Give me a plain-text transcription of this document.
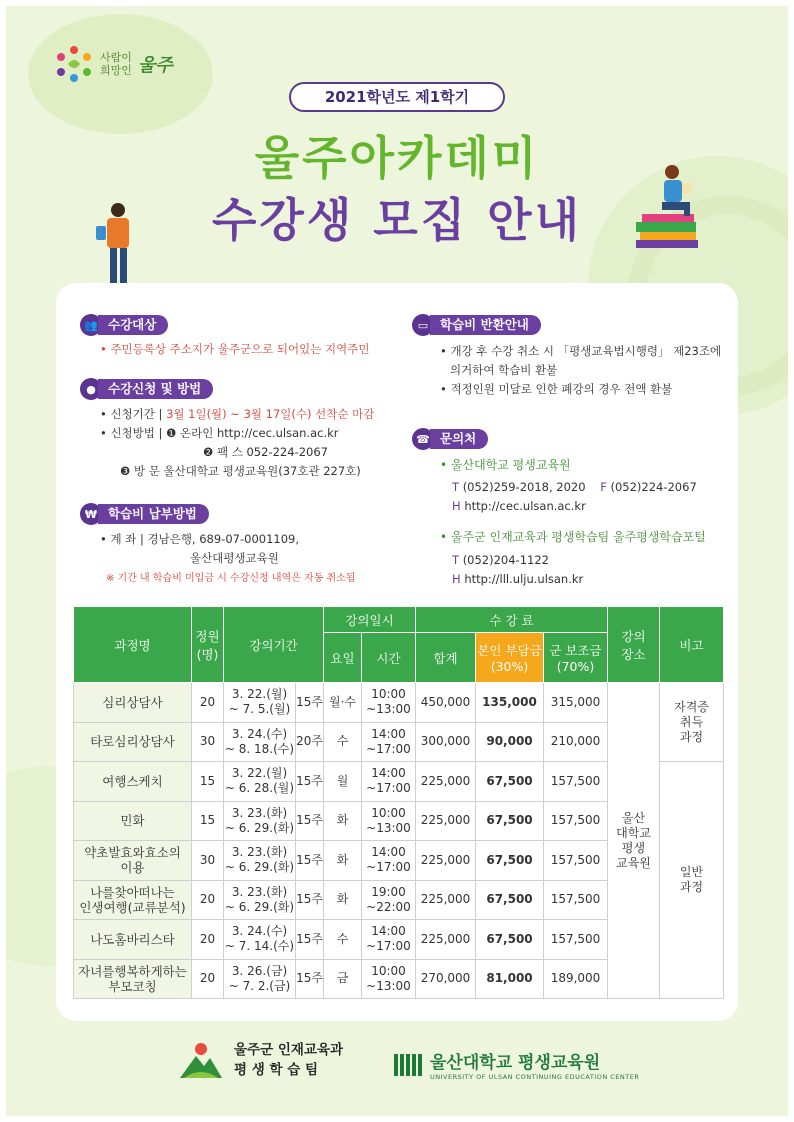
사람이
희망인 울주
2021학년도 제1학기
울주아카데미
수강생 모집 안내
👥 수강대상
• 주민등록상 주소지가 울주군으로 되어있는 지역주민
● 수강신청 및 방법
• 신청기간 | 3월 1일(월) ~ 3월 17일(수) 선착순 마감
• 신청방법 | ❶ 온라인 http://cec.ulsan.ac.kr
❷ 팩 스 052-224-2067
❸ 방 문 울산대학교 평생교육원(37호관 227호)
₩ 학습비 납부방법
• 계 좌 | 경남은행, 689-07-0001109,
울산대평생교육원
※ 기간 내 학습비 미입금 시 수강신청 내역은 자동 취소됨
▭ 학습비 반환안내
• 개강 후 수강 취소 시 「평생교육법시행령」 제23조에
의거하여 학습비 환불
• 적정인원 미달로 인한 폐강의 경우 전액 환불
☎ 문의처
• 울산대학교 평생교육원
T (052)259-2018, 2020 F (052)224-2067
H http://cec.ulsan.ac.kr
• 울주군 인재교육과 평생학습팀 울주평생학습포털
T (052)204-1122
H http://lll.ulju.ulsan.kr
과정명	정원
(명)	강의기간		강의일시		수 강 료			강의
장소	비고
				요일	시간	합계	본인 부담금
(30%)	군 보조금
(70%)		
심리상담사	20	3. 22.(월)
~ 7. 5.(월)	15주	월·수	10:00
~13:00	450,000	135,000	315,000	울산
대학교
평생
교육원	자격증
취득
과정
타로심리상담사	30	3. 24.(수)
~ 8. 18.(수)	20주	수	14:00
~17:00	300,000	90,000	210,000		
여행스케치	15	3. 22.(월)
~ 6. 28.(월)	15주	월	14:00
~17:00	225,000	67,500	157,500		일반
과정
민화	15	3. 23.(화)
~ 6. 29.(화)	15주	화	10:00
~13:00	225,000	67,500	157,500		
약초발효와효소의
이용	30	3. 23.(화)
~ 6. 29.(화)	15주	화	14:00
~17:00	225,000	67,500	157,500		
나를찾아떠나는
인생여행(교류분석)	20	3. 23.(화)
~ 6. 29.(화)	15주	화	19:00
~22:00	225,000	67,500	157,500		
나도홈바리스타	20	3. 24.(수)
~ 7. 14.(수)	15주	수	14:00
~17:00	225,000	67,500	157,500		
자녀를행복하게하는
부모코칭	20	3. 26.(금)
~ 7. 2.(금)	15주	금	10:00
~13:00	270,000	81,000	189,000		
울주군 인재교육과
평 생 학 습 팀	울산대학교 평생교육원
UNIVERSITY OF ULSAN CONTINUING EDUCATION CENTER
